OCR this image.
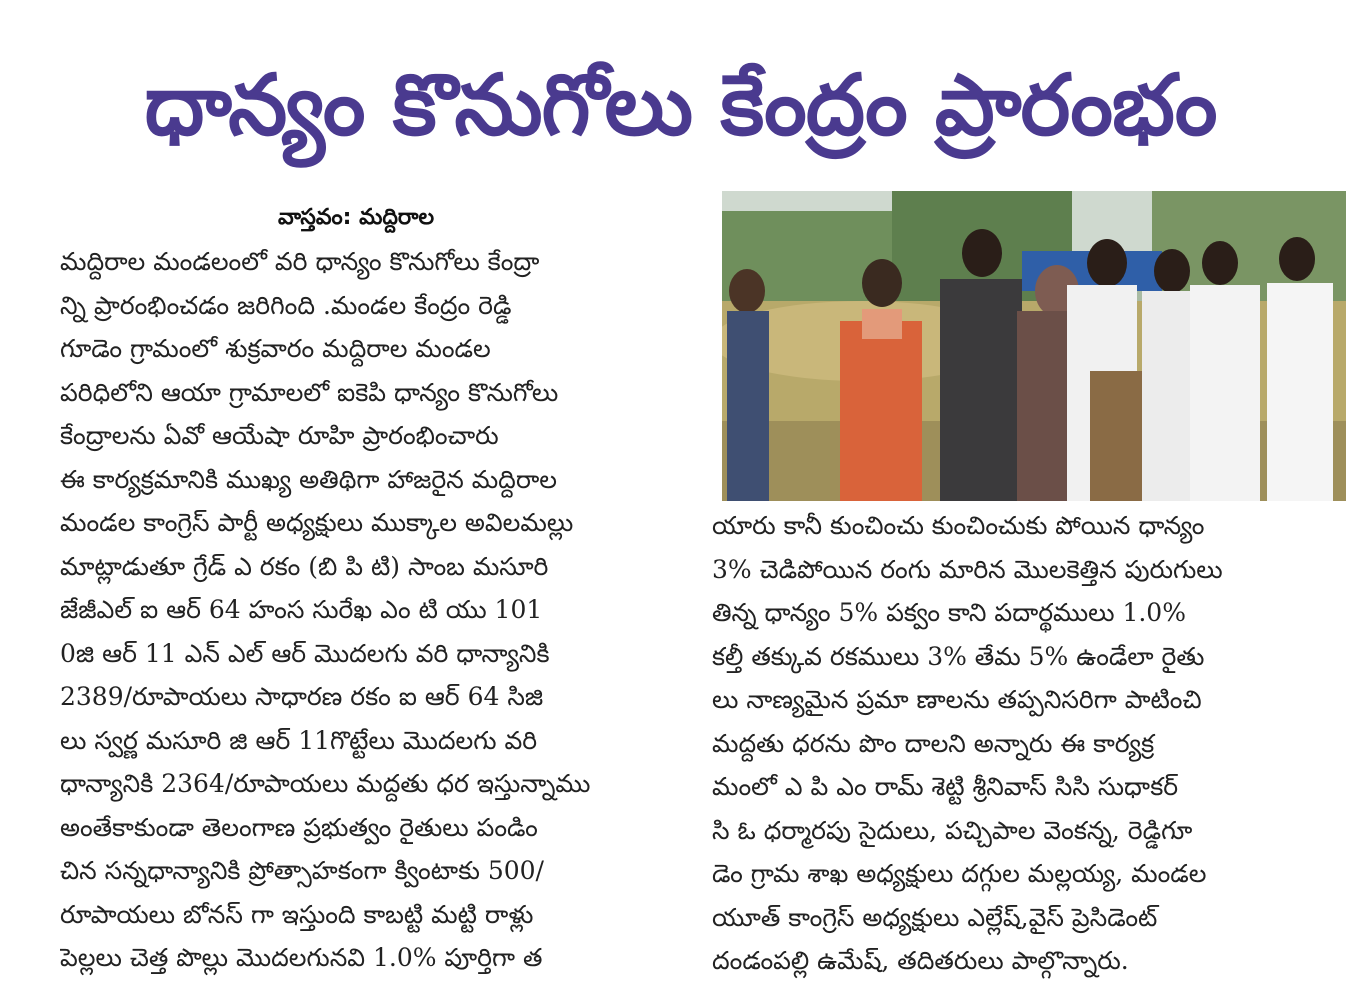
ధాన్యం కొనుగోలు కేంద్రం ప్రారంభం
వాస్తవం: మద్దిరాల
మద్దిరాల మండలంలో వరి ధాన్యం కొనుగోలు కేంద్రా
న్ని ప్రారంభించడం జరిగింది .మండల కేంద్రం రెడ్డి
గూడెం గ్రామంలో శుక్రవారం మద్దిరాల మండల
పరిధిలోని ఆయా గ్రామాలలో ఐకెపి ధాన్యం కొనుగోలు
కేంద్రాలను ఏవో ఆయేషా రూహి ప్రారంభించారు
ఈ కార్యక్రమానికి ముఖ్య అతిథిగా హాజరైన మద్దిరాల
మండల కాంగ్రెస్ పార్టీ అధ్యక్షులు ముక్కాల అవిలమల్లు
మాట్లాడుతూ గ్రేడ్ ఎ రకం (బి పి టి) సాంబ మసూరి
జేజీఎల్ ఐ ఆర్ 64 హంస సురేఖ ఎం టి యు 101
0జి ఆర్ 11 ఎన్ ఎల్ ఆర్ మొదలగు వరి ధాన్యానికి
2389/రూపాయలు సాధారణ రకం ఐ ఆర్ 64 సిజి
లు స్వర్ణ మసూరి జి ఆర్ 11గొట్టేలు మొదలగు వరి
ధాన్యానికి 2364/రూపాయలు మద్దతు ధర ఇస్తున్నాము
అంతేకాకుండా తెలంగాణ ప్రభుత్వం రైతులు పండిం
చిన సన్నధాన్యానికి ప్రోత్సాహకంగా క్వింటాకు 500/
రూపాయలు బోనస్ గా ఇస్తుంది కాబట్టి మట్టి రాళ్లు
పెల్లలు చెత్త పొల్లు మొదలగునవి 1.0% పూర్తిగా త
యారు కానీ కుంచించు కుంచించుకు పోయిన ధాన్యం
3% చెడిపోయిన రంగు మారిన మొలకెత్తిన పురుగులు
తిన్న ధాన్యం 5% పక్వం కాని పదార్థములు 1.0%
కల్తీ తక్కువ రకములు 3% తేమ 5% ఉండేలా రైతు
లు నాణ్యమైన ప్రమా ణాలను తప్పనిసరిగా పాటించి
మద్దతు ధరను పొం దాలని అన్నారు ఈ కార్యక్ర
మంలో ఎ పి ఎం రామ్ శెట్టి శ్రీనివాస్ సిసి సుధాకర్
సి ఓ ధర్మారపు సైదులు, పచ్చిపాల వెంకన్న, రెడ్డిగూ
డెం గ్రామ శాఖ అధ్యక్షులు దగ్గుల మల్లయ్య, మండల
యూత్ కాంగ్రెస్ అధ్యక్షులు ఎల్లేష్,వైస్ ప్రెసిడెంట్
దండంపల్లి ఉమేష్, తదితరులు పాల్గొన్నారు.
